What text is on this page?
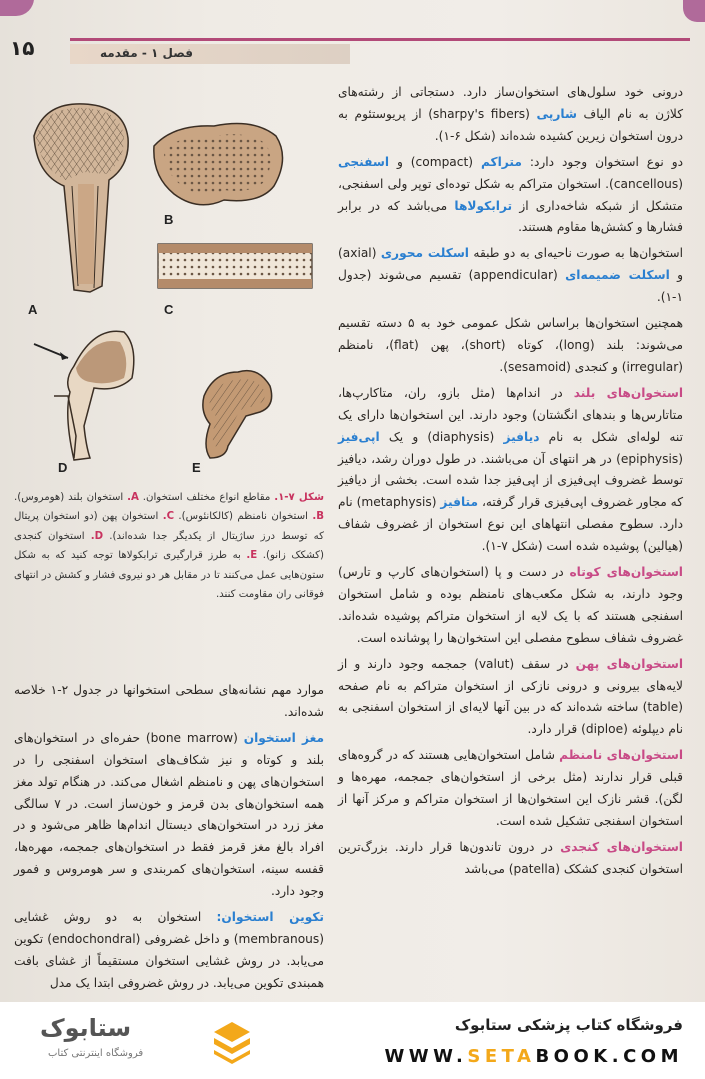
۱۵	فصل ۱ - مقدمه
A
B
C
D	E
شکل ۷-۱. مقاطع انواع مختلف استخوان. A. استخوان بلند (هومروس). B. استخوان نامنظم (کالکانئوس). C. استخوان پهن (دو استخوان پریتال که توسط درز ساژیتال از یکدیگر جدا شده‌اند). D. استخوان کنجدی (کشکک زانو). E. به طرز قرارگیری ترابکولاها توجه کنید که به شکل ستون‌هایی عمل می‌کنند تا در مقابل هر دو نیروی فشار و کشش در انتهای فوقانی ران مقاومت کنند.

درونی خود سلول‌های استخوان‌ساز دارد. دستجاتی از رشته‌های کلاژن به نام الیاف شارپی (sharpy's fibers) از پریوستئوم به درون استخوان زیرین کشیده شده‌اند (شکل ۶-۱).

دو نوع استخوان وجود دارد: متراکم (compact) و اسفنجی (cancellous). استخوان متراکم به شکل توده‌ای توپر ولی اسفنجی، متشکل از شبکه شاخه‌داری از ترابکولاها می‌باشد که در برابر فشارها و کشش‌ها مقاوم هستند.

استخوان‌ها به صورت ناحیه‌ای به دو طبقه اسکلت محوری (axial) و اسکلت ضمیمه‌ای (appendicular) تقسیم می‌شوند (جدول ۱-۱).

همچنین استخوان‌ها براساس شکل عمومی خود به ۵ دسته تقسیم می‌شوند: بلند (long)، کوتاه (short)، پهن (flat)، نامنظم (irregular) و کنجدی (sesamoid).

استخوان‌های بلند در اندام‌ها (مثل بازو، ران، متاکارپ‌ها، متاتارس‌ها و بندهای انگشتان) وجود دارند. این استخوان‌ها دارای یک تنه لوله‌ای شکل به نام دیافیز (diaphysis) و یک اپی‌فیز (epiphysis) در هر انتهای آن می‌باشند. در طول دوران رشد، دیافیز توسط غضروف اپی‌فیزی از اپی‌فیز جدا شده است. بخشی از دیافیز که مجاور غضروف اپی‌فیزی قرار گرفته، متافیز (metaphysis) نام دارد. سطوح مفصلی انتهاهای این نوع استخوان از غضروف شفاف (هیالین) پوشیده شده است (شکل ۷-۱).

استخوان‌های کوتاه در دست و پا (استخوان‌های کارپ و تارس) وجود دارند، به شکل مکعب‌های نامنظم بوده و شامل استخوان اسفنجی هستند که با یک لایه از استخوان متراکم پوشیده شده‌اند. غضروف شفاف سطوح مفصلی این استخوان‌ها را پوشانده است.

استخوان‌های پهن در سقف (valut) جمجمه وجود دارند و از لایه‌های بیرونی و درونی نازکی از استخوان متراکم به نام صفحه (table) ساخته شده‌اند که در بین آنها لایه‌ای از استخوان اسفنجی به نام دیپلوئه (diploe) قرار دارد.

استخوان‌های نامنظم شامل استخوان‌هایی هستند که در گروه‌های قبلی قرار ندارند (مثل برخی از استخوان‌های جمجمه، مهره‌ها و لگن). قشر نازک این استخوان‌ها از استخوان متراکم و مرکز آنها از استخوان اسفنجی تشکیل شده است.

استخوان‌های کنجدی در درون تاندون‌ها قرار دارند. بزرگ‌ترین استخوان کنجدی کشکک (patella) می‌باشد

موارد مهم نشانه‌های سطحی استخوانها در جدول ۲-۱ خلاصه شده‌اند.

مغز استخوان (bone marrow) حفره‌ای در استخوان‌های بلند و کوتاه و نیز شکاف‌های استخوان اسفنجی را در استخوان‌های پهن و نامنظم اشغال می‌کند. در هنگام تولد مغز همه استخوان‌های بدن قرمز و خون‌ساز است. در ۷ سالگی مغز زرد در استخوان‌های دیستال اندام‌ها ظاهر می‌شود و در افراد بالغ مغز قرمز فقط در استخوان‌های جمجمه، مهره‌ها، قفسه سینه، استخوان‌های کمربندی و سر هومروس و فمور وجود دارد.

تکوین استخوان: استخوان به دو روش غشایی (membranous) و داخل غضروفی (endochondral) تکوین می‌یابد. در روش غشایی استخوان مستقیماً از غشای بافت همبندی تکوین می‌یابد. در روش غضروفی ابتدا یک مدل

ستابوک
فروشگاه اینترنتی کتاب
فروشگاه کتاب پزشکی ستابوک
WWW.SETABOOK.COM
